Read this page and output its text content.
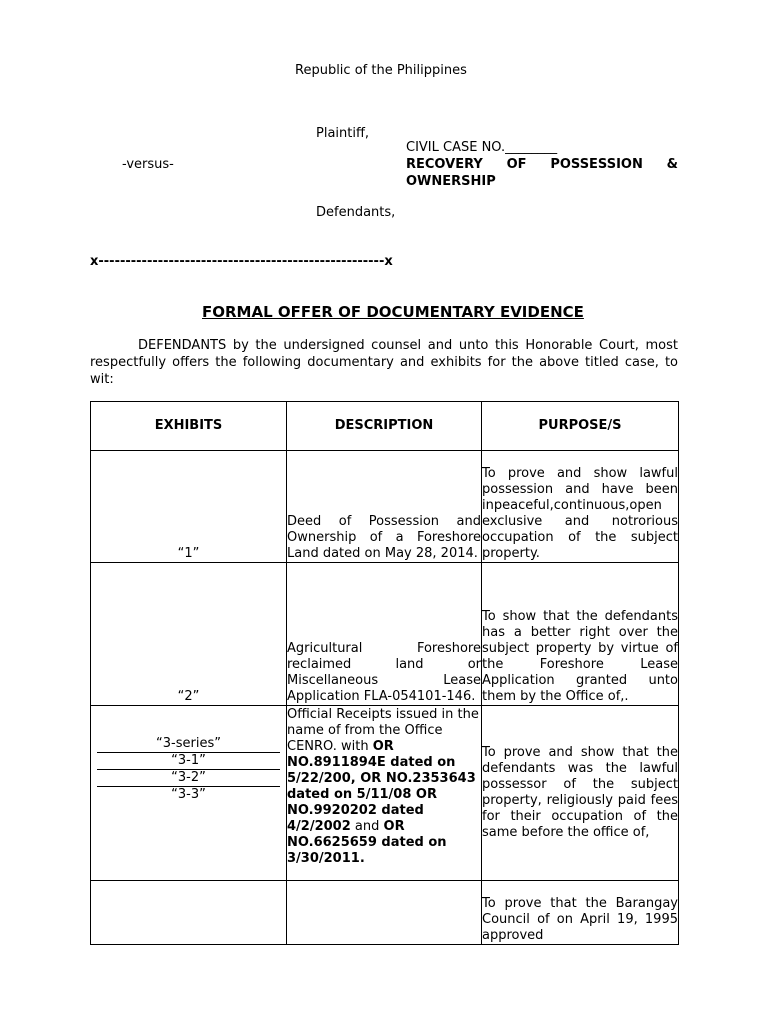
Republic of the Philippines
Plaintiff,
CIVIL CASE NO.________
-versus-	RECOVERY OF POSSESSION &
OWNERSHIP
Defendants,
x-----------------------------------------------------x
FORMAL OFFER OF DOCUMENTARY EVIDENCE

DEFENDANTS by the undersigned counsel and unto this Honorable Court, most respectfully offers the following documentary and exhibits for the above titled case, to wit:

EXHIBITS	DESCRIPTION	PURPOSE/S
“1”	Deed of Possession and Ownership of a Foreshore Land dated on May 28, 2014.	To prove and show lawful possession and have been inpeaceful,continuous,open exclusive and notrorious occupation of the subject property.
“2”	Agricultural Foreshore reclaimed land or Miscellaneous Lease Application FLA-054101-146.	To show that the defendants has a better right over the subject property by virtue of the Foreshore Lease Application granted unto them by the Office of,.

“3-series”
“3-1”
“3-2”
“3-3”	Official Receipts issued in the name of from the Office CENRO. with OR NO.8911894E dated on 5/22/200, OR NO.2353643 dated on 5/11/08 OR NO.9920202 dated 4/2/2002 and OR NO.6625659 dated on 3/30/2011.	To prove and show that the defendants was the lawful possessor of the subject property, religiously paid fees for their occupation of the same before the office of,
		To prove that the Barangay Council of on April 19, 1995 approved
